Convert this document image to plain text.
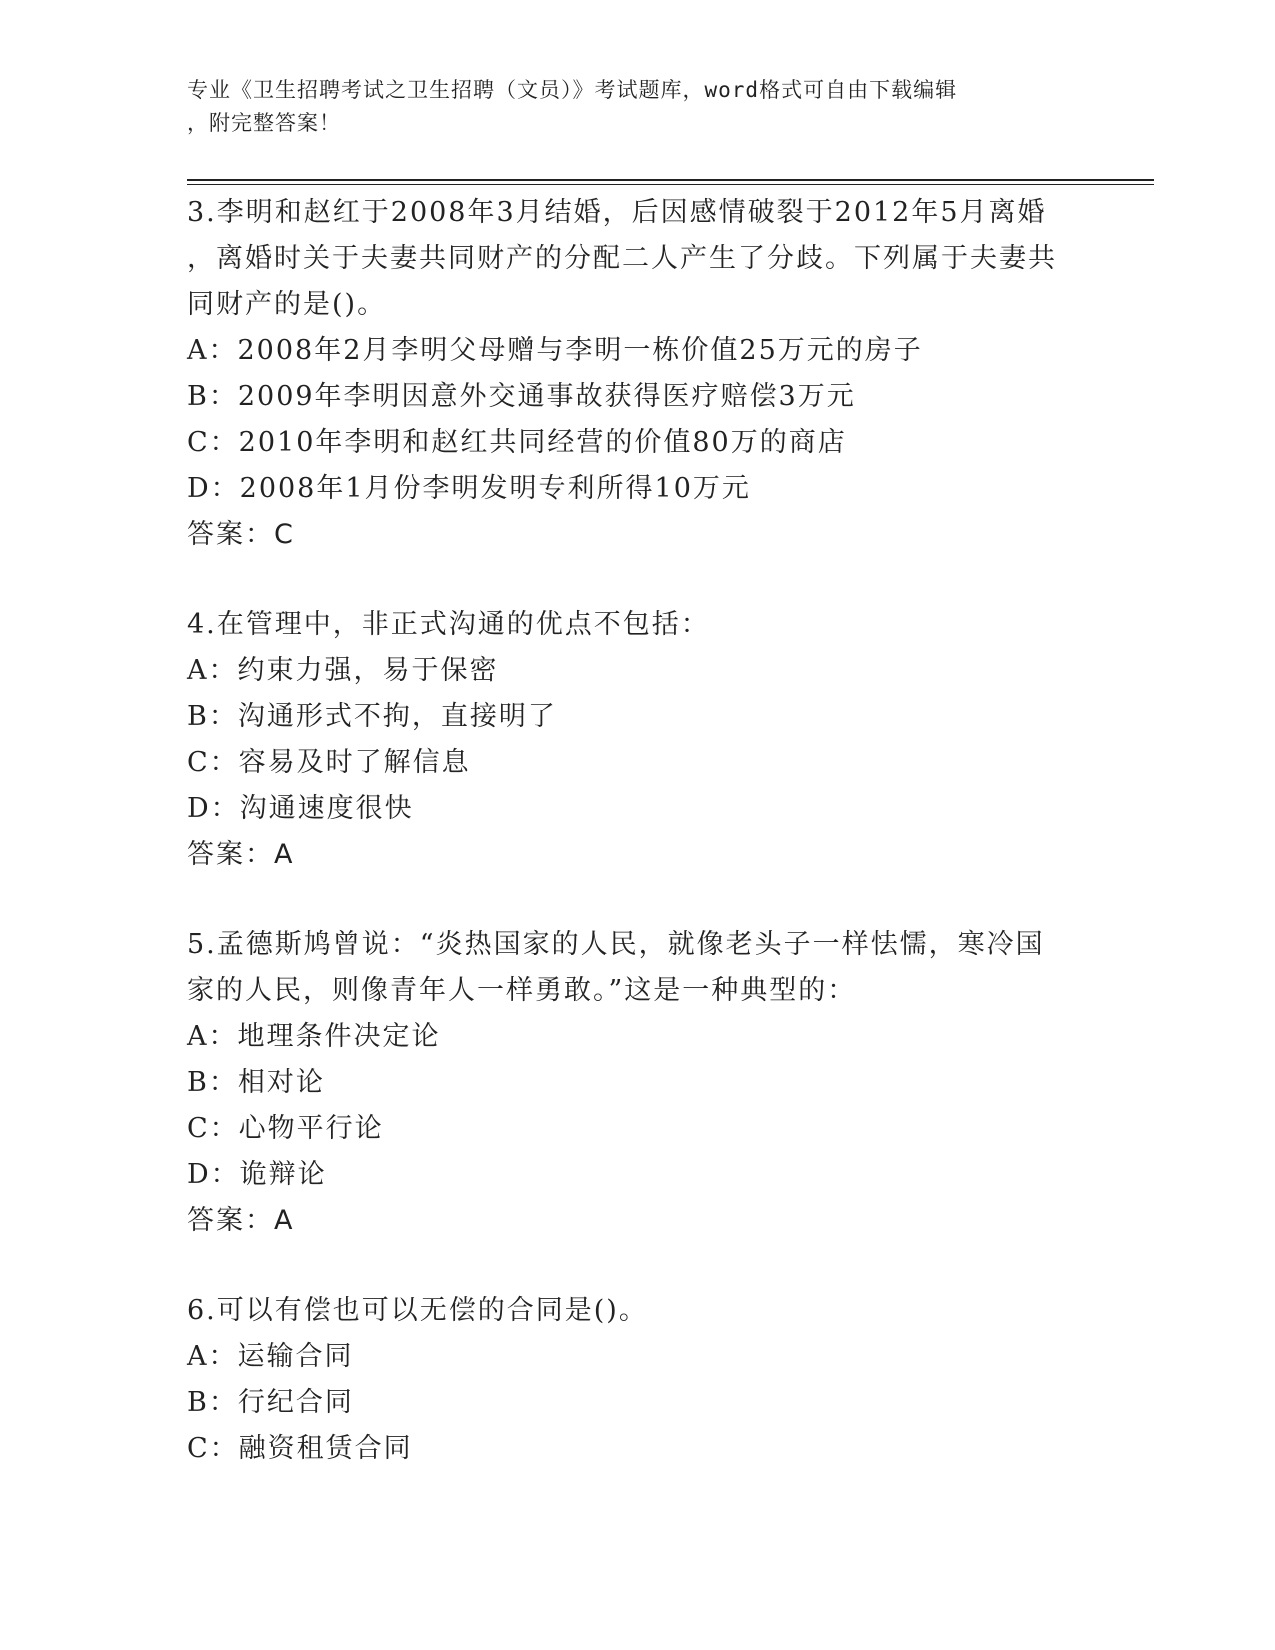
专业《卫生招聘考试之卫生招聘（文员）》考试题库，word格式可自由下载编辑
，附完整答案！

3.李明和赵红于2008年3月结婚，后因感情破裂于2012年5月离婚

，离婚时关于夫妻共同财产的分配二人产生了分歧。下列属于夫妻共

同财产的是()。

A：2008年2月李明父母赠与李明一栋价值25万元的房子

B：2009年李明因意外交通事故获得医疗赔偿3万元

C：2010年李明和赵红共同经营的价值80万的商店

D：2008年1月份李明发明专利所得10万元

答案：C

4.在管理中，非正式沟通的优点不包括：

A：约束力强，易于保密

B：沟通形式不拘，直接明了

C：容易及时了解信息

D：沟通速度很快

答案：A

5.孟德斯鸠曾说：“炎热国家的人民，就像老头子一样怯懦，寒冷国

家的人民，则像青年人一样勇敢。”这是一种典型的：

A：地理条件决定论

B：相对论

C：心物平行论

D：诡辩论

答案：A

6.可以有偿也可以无偿的合同是()。

A：运输合同

B：行纪合同

C：融资租赁合同
